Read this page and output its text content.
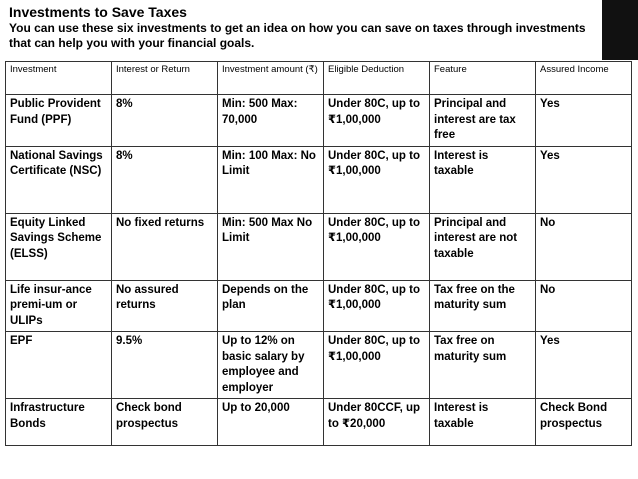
Investments to Save Taxes
You can use these six investments to get an idea on how you can save on taxes through investments that can help you with your financial goals.
Investment	Interest or Return	Investment amount (₹)	Eligible Deduction	Feature	Assured Income
Public Provident Fund (PPF)	8%	Min: 500 Max: 70,000	Under 80C, up to ₹1,00,000	Principal and interest are tax free	Yes
National Savings Certificate (NSC)	8%	Min: 100 Max: No Limit	Under 80C, up to ₹1,00,000	Interest is taxable	Yes
Equity Linked Savings Scheme (ELSS)	No fixed returns	Min: 500 Max No Limit	Under 80C, up to ₹1,00,000	Principal and interest are not taxable	No
Life insur-ance premi-um or ULIPs	No assured returns	Depends on the plan	Under 80C, up to ₹1,00,000	Tax free on the maturity sum	No
EPF	9.5%	Up to 12% on basic salary by employee and employer	Under 80C, up to ₹1,00,000	Tax free on maturity sum	Yes
Infrastructure Bonds	Check bond prospectus	Up to 20,000	Under 80CCF, up to ₹20,000	Interest is taxable	Check Bond prospectus
